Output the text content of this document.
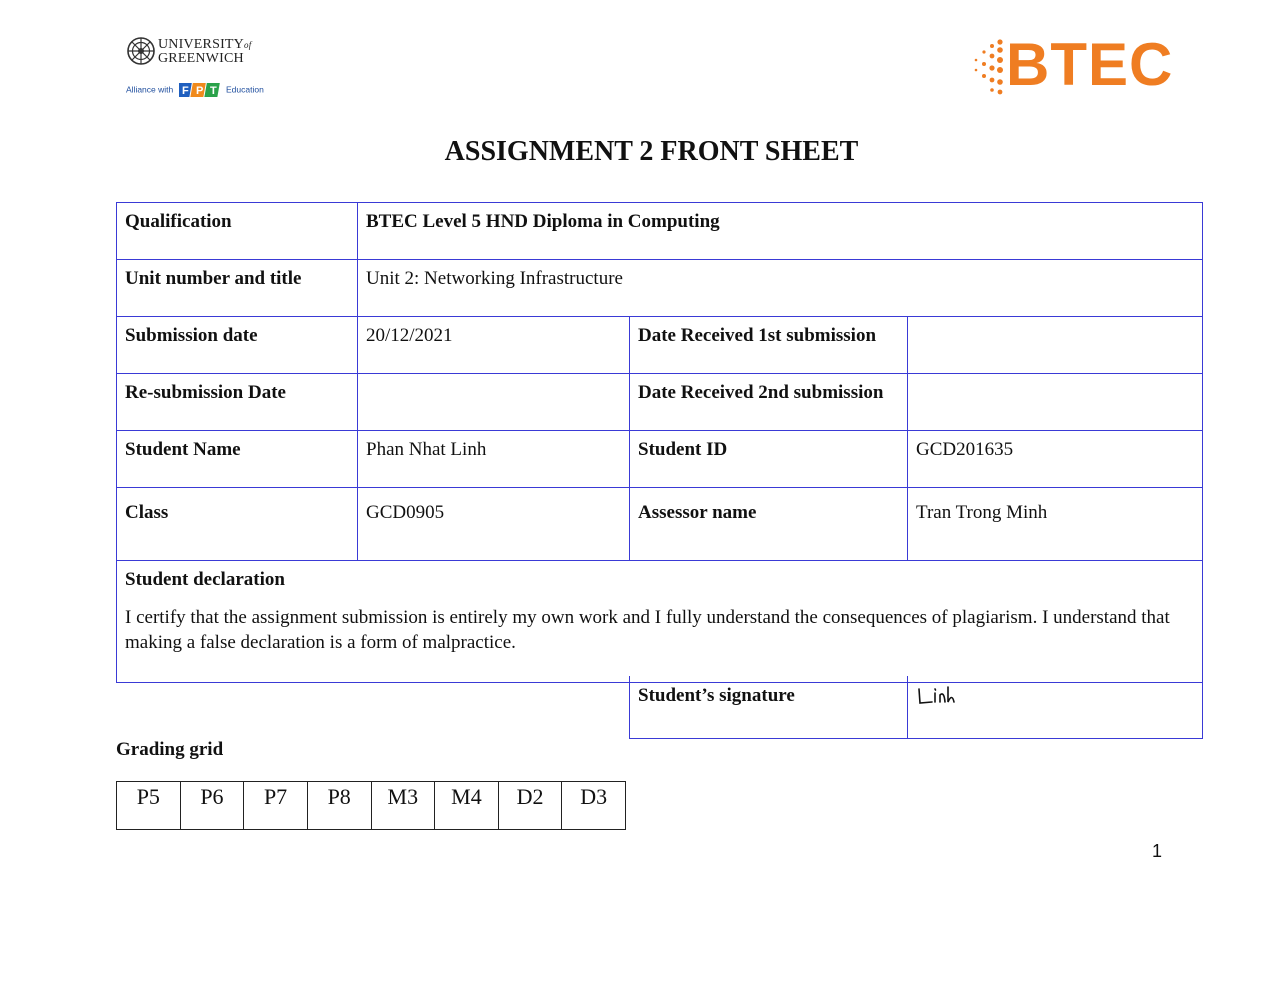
UNIVERSITYof
GREENWICH
Alliance with F P T Education	BTEC
ASSIGNMENT 2 FRONT SHEET
Qualification	BTEC Level 5 HND Diploma in Computing		
Unit number and title	Unit 2: Networking Infrastructure		
Submission date	20/12/2021	Date Received 1st submission	
Re-submission Date		Date Received 2nd submission	
Student Name	Phan Nhat Linh	Student ID	GCD201635
Class	GCD0905	Assessor name	Tran Trong Minh

Student declaration
I certify that the assignment submission is entirely my own work and I fully understand the consequences of plagiarism. I understand that making a false declaration is a form of malpractice.			
Student’s signature	
Grading grid
P5	P6	P7	P8	M3	M4	D2	D3
1
